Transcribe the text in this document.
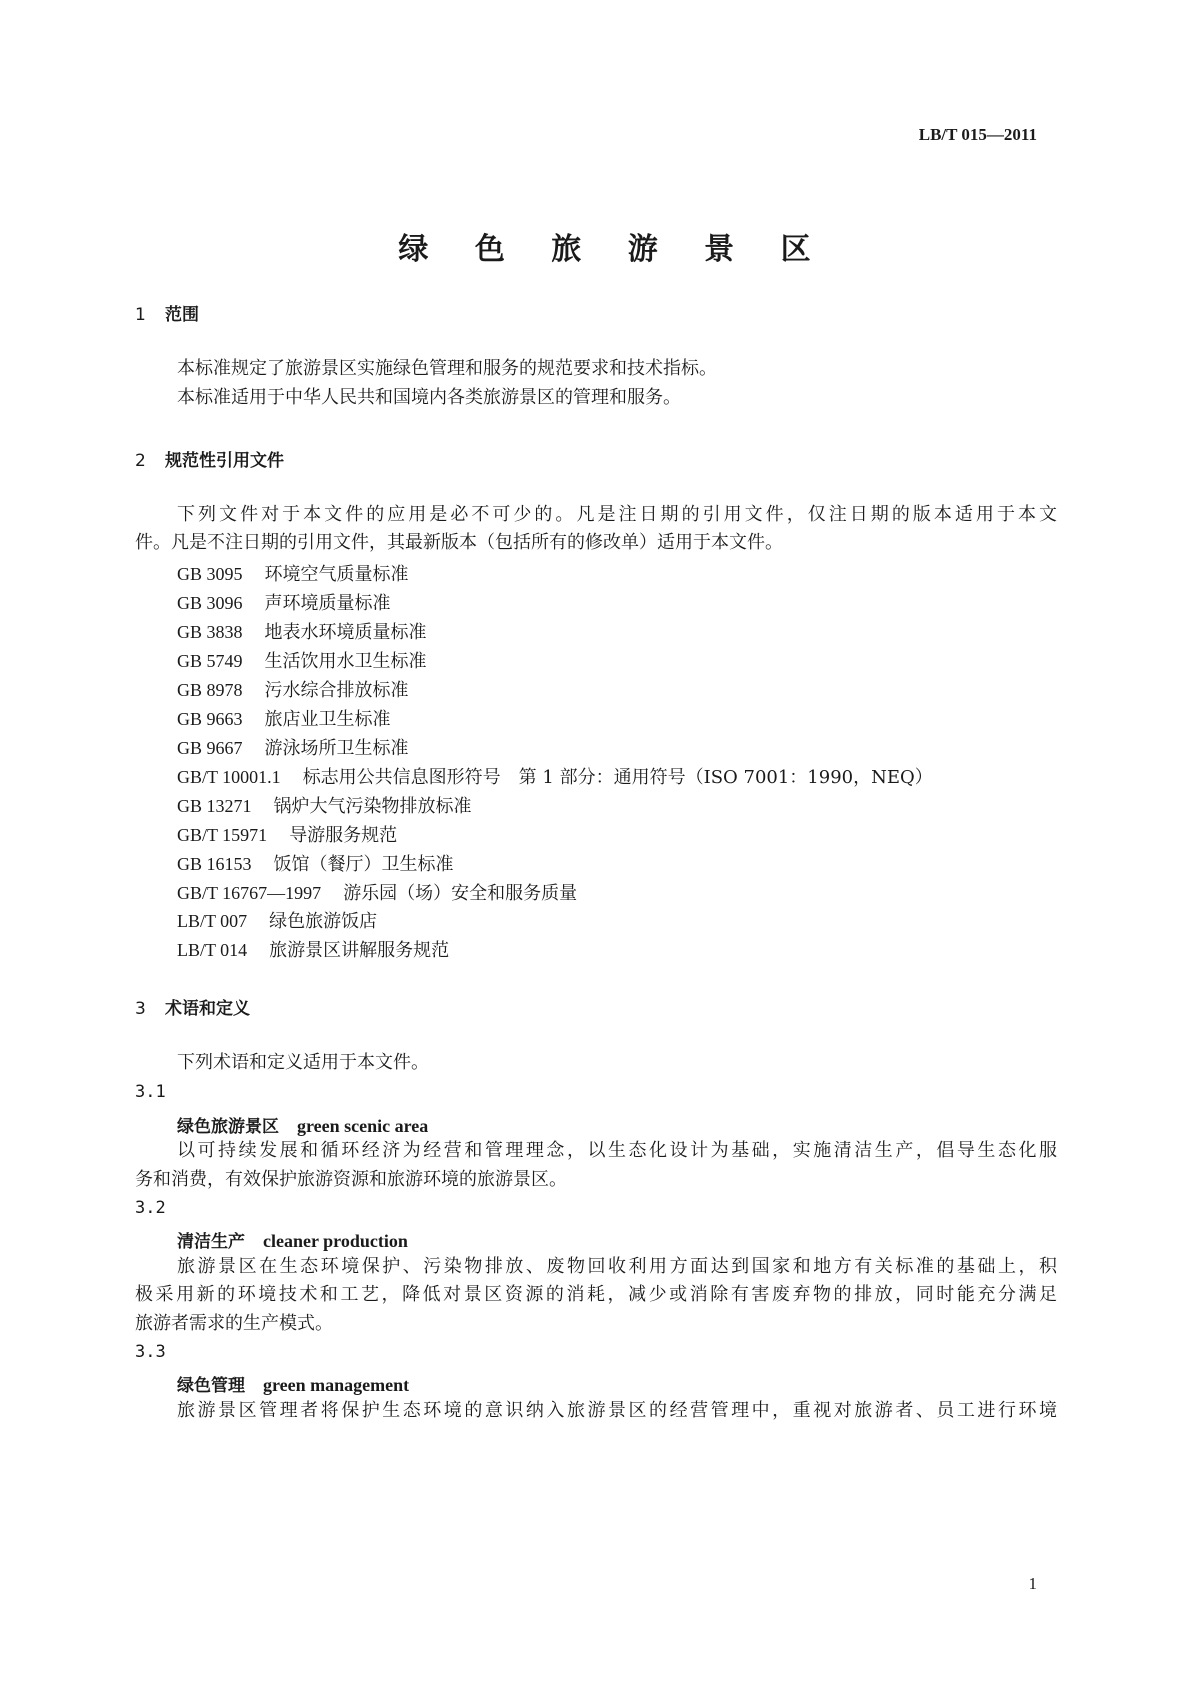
LB/T 015—2011
绿 色 旅 游 景 区
1 范围
本标准规定了旅游景区实施绿色管理和服务的规范要求和技术指标。
本标准适用于中华人民共和国境内各类旅游景区的管理和服务。
2 规范性引用文件
下列文件对于本文件的应用是必不可少的。凡是注日期的引用文件，仅注日期的版本适用于本文
件。凡是不注日期的引用文件，其最新版本（包括所有的修改单）适用于本文件。
GB 3095 环境空气质量标准
GB 3096 声环境质量标准
GB 3838 地表水环境质量标准
GB 5749 生活饮用水卫生标准
GB 8978 污水综合排放标准
GB 9663 旅店业卫生标准
GB 9667 游泳场所卫生标准
GB/T 10001.1 标志用公共信息图形符号　第 1 部分：通用符号（ISO 7001：1990，NEQ）
GB 13271 锅炉大气污染物排放标准
GB/T 15971 导游服务规范
GB 16153 饭馆（餐厅）卫生标准
GB/T 16767—1997 游乐园（场）安全和服务质量
LB/T 007 绿色旅游饭店
LB/T 014 旅游景区讲解服务规范
3 术语和定义
下列术语和定义适用于本文件。
3.1
绿色旅游景区 green scenic area
以可持续发展和循环经济为经营和管理理念，以生态化设计为基础，实施清洁生产，倡导生态化服
务和消费，有效保护旅游资源和旅游环境的旅游景区。
3.2
清洁生产 cleaner production
旅游景区在生态环境保护、污染物排放、废物回收利用方面达到国家和地方有关标准的基础上，积
极采用新的环境技术和工艺，降低对景区资源的消耗，减少或消除有害废弃物的排放，同时能充分满足
旅游者需求的生产模式。
3.3
绿色管理 green management
旅游景区管理者将保护生态环境的意识纳入旅游景区的经营管理中，重视对旅游者、员工进行环境
1
